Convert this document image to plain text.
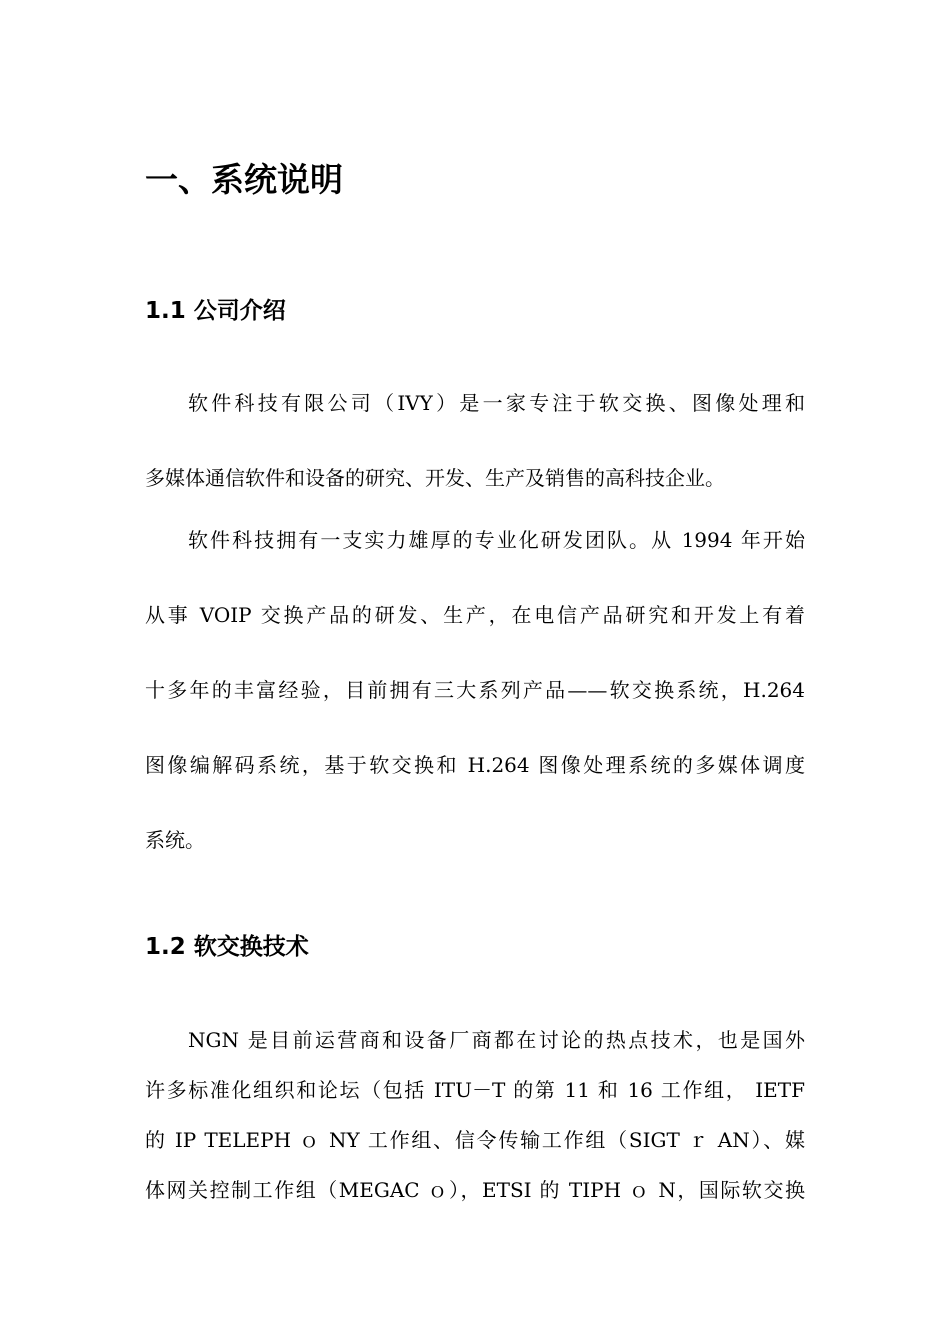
一、系统说明
1.1 公司介绍

软件科技有限公司（IVY）是一家专注于软交换、图像处理和

多媒体通信软件和设备的研究、开发、生产及销售的高科技企业。

软件科技拥有一支实力雄厚的专业化研发团队。从 1994 年开始

从事 VOIP 交换产品的研发、生产，在电信产品研究和开发上有着

十多年的丰富经验，目前拥有三大系列产品——软交换系统，H.264

图像编解码系统，基于软交换和 H.264 图像处理系统的多媒体调度

系统。

1.2 软交换技术

NGN 是目前运营商和设备厂商都在讨论的热点技术，也是国外

许多标准化组织和论坛（包括 ITU－T 的第 11 和 16 工作组， IETF

的 IP TELEPH ｏ NY 工作组、信令传输工作组（SIGT ｒ AN）、媒

体网关控制工作组（MEGAC ｏ），ETSI 的 TIPH ｏ N，国际软交换
